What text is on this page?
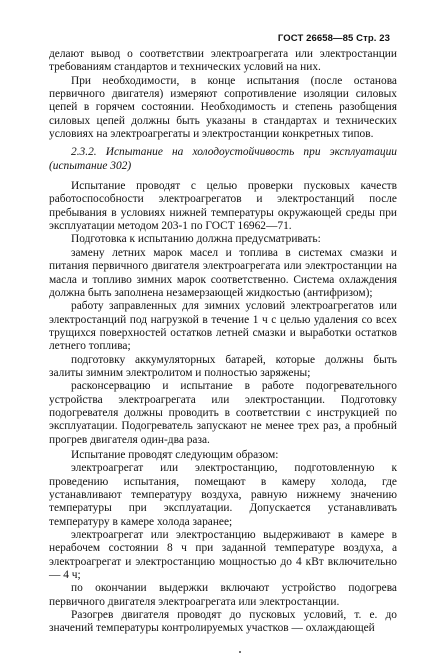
ГОСТ 26658—85 Стр. 23

делают вывод о соответствии электроагрегата или электростанции требованиям стандартов и технических условий на них.

При необходимости, в конце испытания (после останова первичного двигателя) измеряют сопротивление изоляции силовых цепей в горячем состоянии. Необходимость и степень разобщения силовых цепей должны быть указаны в стандартах и технических условиях на электроагрегаты и электростанции конкретных типов.

2.3.2. Испытание на холодоустойчивость при эксплуатации (испытание 302)

Испытание проводят с целью проверки пусковых качеств работоспособности электроагрегатов и электростанций после пребывания в условиях нижней температуры окружающей среды при эксплуатации методом 203-1 по ГОСТ 16962—71.

Подготовка к испытанию должна предусматривать:

замену летних марок масел и топлива в системах смазки и питания первичного двигателя электроагрегата или электростанции на масла и топливо зимних марок соответственно. Система охлаждения должна быть заполнена незамерзающей жидкостью (антифризом);

работу заправленных для зимних условий электроагрегатов или электростанций под нагрузкой в течение 1 ч с целью удаления со всех трущихся поверхностей остатков летней смазки и выработки остатков летнего топлива;

подготовку аккумуляторных батарей, которые должны быть залиты зимним электролитом и полностью заряжены;

расконсервацию и испытание в работе подогревательного устройства электроагрегата или электростанции. Подготовку подогревателя должны проводить в соответствии с инструкцией по эксплуатации. Подогреватель запускают не менее трех раз, а пробный прогрев двигателя один-два раза.

Испытание проводят следующим образом:

электроагрегат или электростанцию, подготовленную к проведению испытания, помещают в камеру холода, где устанавливают температуру воздуха, равную нижнему значению температуры при эксплуатации. Допускается устанавливать температуру в камере холода заранее;

электроагрегат или электростанцию выдерживают в камере в нерабочем состоянии 8 ч при заданной температуре воздуха, а электроагрегат и электростанцию мощностью до 4 кВт включительно — 4 ч;

по окончании выдержки включают устройство подогрева первичного двигателя электроагрегата или электростанции.

Разогрев двигателя проводят до пусковых условий, т. е. до значений температуры контролируемых участков — охлаждающей
